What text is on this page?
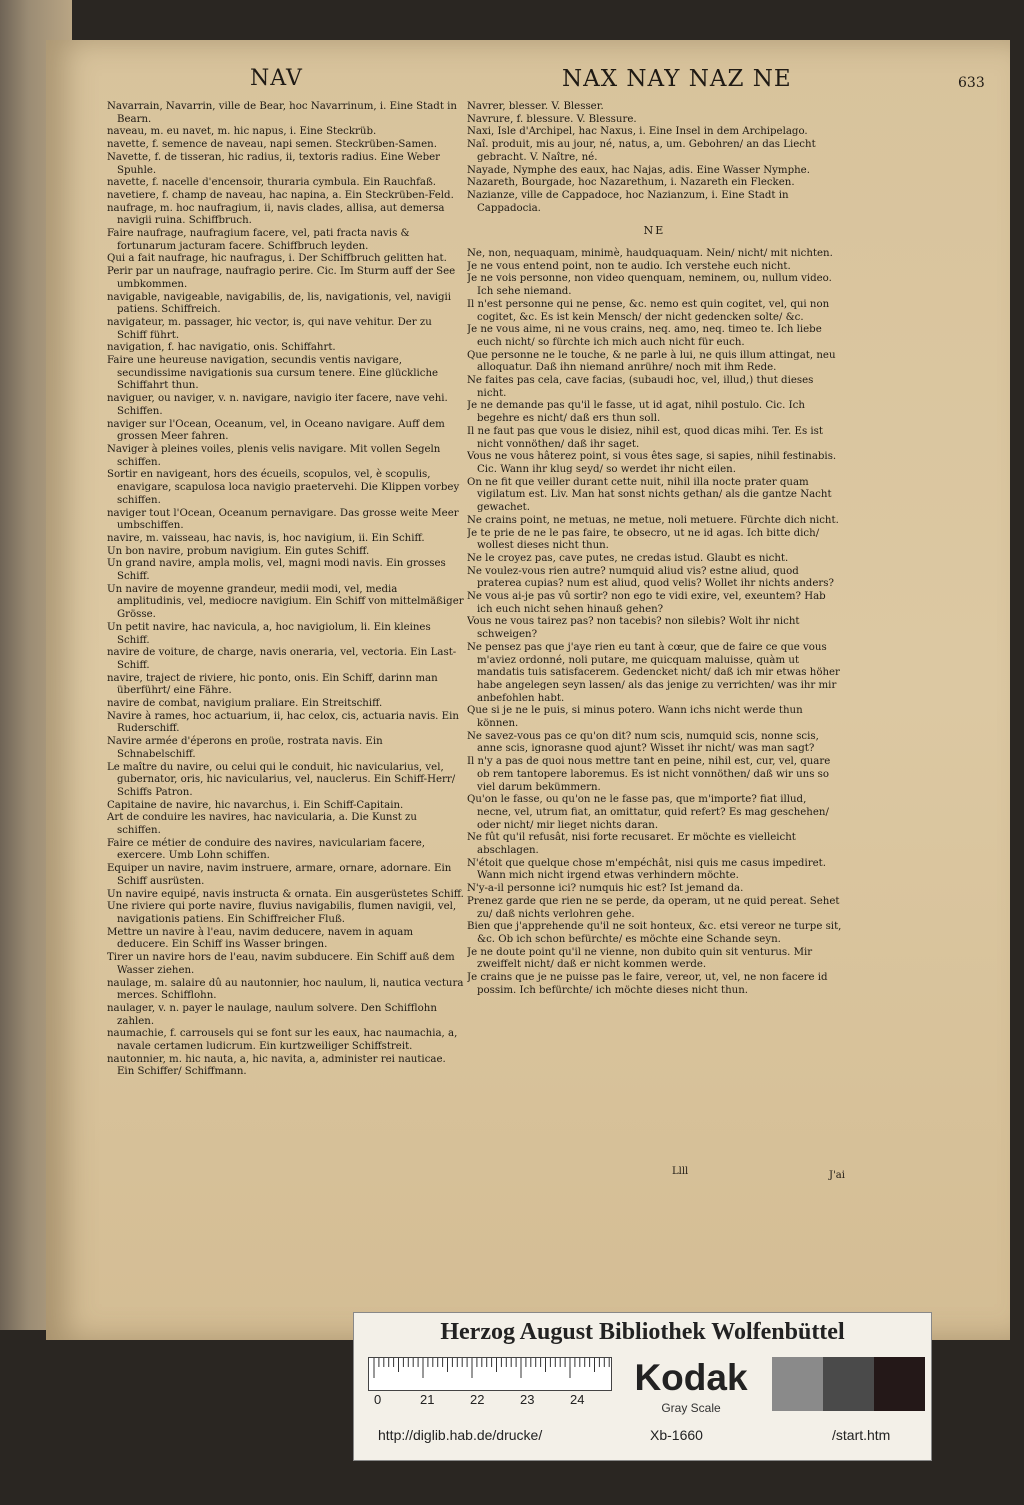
NAV	NAX NAY NAZ NE	633

Navarrain, Navarrin, ville de Bear, hoc Navarrinum, i. Eine Stadt in Bearn.

naveau, m. eu navet, m. hic napus, i. Eine Steckrüb.

navette, f. semence de naveau, napi semen. Steckrüben-Samen.

Navette, f. de tisseran, hic radius, ii, textoris radius. Eine Weber Spuhle.

navette, f. nacelle d'encensoir, thuraria cymbula. Ein Rauchfaß.

navetiere, f. champ de naveau, hac napina, a. Ein Steckrüben-Feld.

naufrage, m. hoc naufragium, ii, navis clades, allisa, aut demersa navigii ruina. Schiffbruch.

Faire naufrage, naufragium facere, vel, pati fracta navis & fortunarum jacturam facere. Schiffbruch leyden.

Qui a fait naufrage, hic naufragus, i. Der Schiffbruch gelitten hat.

Perir par un naufrage, naufragio perire. Cic. Im Sturm auff der See umbkommen.

navigable, navigeable, navigabilis, de, lis, navigationis, vel, navigii patiens. Schiffreich.

navigateur, m. passager, hic vector, is, qui nave vehitur. Der zu Schiff führt.

navigation, f. hac navigatio, onis. Schiffahrt.

Faire une heureuse navigation, secundis ventis navigare, secundissime navigationis sua cursum tenere. Eine glückliche Schiffahrt thun.

naviguer, ou naviger, v. n. navigare, navigio iter facere, nave vehi. Schiffen.

naviger sur l'Ocean, Oceanum, vel, in Oceano navigare. Auff dem grossen Meer fahren.

Naviger à pleines voiles, plenis velis navigare. Mit vollen Segeln schiffen.

Sortir en navigeant, hors des écueils, scopulos, vel, è scopulis, enavigare, scapulosa loca navigio praetervehi. Die Klippen vorbey schiffen.

naviger tout l'Ocean, Oceanum pernavigare. Das grosse weite Meer umbschiffen.

navire, m. vaisseau, hac navis, is, hoc navigium, ii. Ein Schiff.

Un bon navire, probum navigium. Ein gutes Schiff.

Un grand navire, ampla molis, vel, magni modi navis. Ein grosses Schiff.

Un navire de moyenne grandeur, medii modi, vel, media amplitudinis, vel, mediocre navigium. Ein Schiff von mittelmäßiger Grösse.

Un petit navire, hac navicula, a, hoc navigiolum, li. Ein kleines Schiff.

navire de voiture, de charge, navis oneraria, vel, vectoria. Ein Last-Schiff.

navire, traject de riviere, hic ponto, onis. Ein Schiff, darinn man überführt/ eine Fähre.

navire de combat, navigium praliare. Ein Streitschiff.

Navire à rames, hoc actuarium, ii, hac celox, cis, actuaria navis. Ein Ruderschiff.

Navire armée d'éperons en proüe, rostrata navis. Ein Schnabelschiff.

Le maître du navire, ou celui qui le conduit, hic navicularius, vel, gubernator, oris, hic navicularius, vel, nauclerus. Ein Schiff-Herr/ Schiffs Patron.

Capitaine de navire, hic navarchus, i. Ein Schiff-Capitain.

Art de conduire les navires, hac navicularia, a. Die Kunst zu schiffen.

Faire ce métier de conduire des navires, naviculariam facere, exercere. Umb Lohn schiffen.

Equiper un navire, navim instruere, armare, ornare, adornare. Ein Schiff ausrüsten.

Un navire equipé, navis instructa & ornata. Ein ausgerüstetes Schiff.

Une riviere qui porte navire, fluvius navigabilis, flumen navigii, vel, navigationis patiens. Ein Schiffreicher Fluß.

Mettre un navire à l'eau, navim deducere, navem in aquam deducere. Ein Schiff ins Wasser bringen.

Tirer un navire hors de l'eau, navim subducere. Ein Schiff auß dem Wasser ziehen.

naulage, m. salaire dû au nautonnier, hoc naulum, li, nautica vectura merces. Schifflohn.

naulager, v. n. payer le naulage, naulum solvere. Den Schifflohn zahlen.

naumachie, f. carrousels qui se font sur les eaux, hac naumachia, a, navale certamen ludicrum. Ein kurtzweiliger Schiffstreit.

nautonnier, m. hic nauta, a, hic navita, a, administer rei nauticae. Ein Schiffer/ Schiffmann.

Navrer, blesser. V. Blesser.

Navrure, f. blessure. V. Blessure.

Naxi, Isle d'Archipel, hac Naxus, i. Eine Insel in dem Archipelago.

Naî. produit, mis au jour, né, natus, a, um. Gebohren/ an das Liecht gebracht. V. Naître, né.

Nayade, Nymphe des eaux, hac Najas, adis. Eine Wasser Nymphe.

Nazareth, Bourgade, hoc Nazarethum, i. Nazareth ein Flecken.

Nazianze, ville de Cappadoce, hoc Nazianzum, i. Eine Stadt in Cappadocia.

NE

Ne, non, nequaquam, minimè, haudquaquam. Nein/ nicht/ mit nichten.

Je ne vous entend point, non te audio. Ich verstehe euch nicht.

Je ne vois personne, non video quenquam, neminem, ou, nullum video. Ich sehe niemand.

Il n'est personne qui ne pense, &c. nemo est quin cogitet, vel, qui non cogitet, &c. Es ist kein Mensch/ der nicht gedencken solte/ &c.

Je ne vous aime, ni ne vous crains, neq. amo, neq. timeo te. Ich liebe euch nicht/ so fürchte ich mich auch nicht für euch.

Que personne ne le touche, & ne parle à lui, ne quis illum attingat, neu alloquatur. Daß ihn niemand anrühre/ noch mit ihm Rede.

Ne faites pas cela, cave facias, (subaudi hoc, vel, illud,) thut dieses nicht.

Je ne demande pas qu'il le fasse, ut id agat, nihil postulo. Cic. Ich begehre es nicht/ daß ers thun soll.

Il ne faut pas que vous le disiez, nihil est, quod dicas mihi. Ter. Es ist nicht vonnöthen/ daß ihr saget.

Vous ne vous hâterez point, si vous êtes sage, si sapies, nihil festinabis. Cic. Wann ihr klug seyd/ so werdet ihr nicht eilen.

On ne fit que veiller durant cette nuit, nihil illa nocte prater quam vigilatum est. Liv. Man hat sonst nichts gethan/ als die gantze Nacht gewachet.

Ne crains point, ne metuas, ne metue, noli metuere. Fürchte dich nicht.

Je te prie de ne le pas faire, te obsecro, ut ne id agas. Ich bitte dich/ wollest dieses nicht thun.

Ne le croyez pas, cave putes, ne credas istud. Glaubt es nicht.

Ne voulez-vous rien autre? numquid aliud vis? estne aliud, quod praterea cupias? num est aliud, quod velis? Wollet ihr nichts anders?

Ne vous ai-je pas vû sortir? non ego te vidi exire, vel, exeuntem? Hab ich euch nicht sehen hinauß gehen?

Vous ne vous tairez pas? non tacebis? non silebis? Wolt ihr nicht schweigen?

Ne pensez pas que j'aye rien eu tant à cœur, que de faire ce que vous m'aviez ordonné, noli putare, me quicquam maluisse, quàm ut mandatis tuis satisfacerem. Gedencket nicht/ daß ich mir etwas höher habe angelegen seyn lassen/ als das jenige zu verrichten/ was ihr mir anbefohlen habt.

Que si je ne le puis, si minus potero. Wann ichs nicht werde thun können.

Ne savez-vous pas ce qu'on dit? num scis, numquid scis, nonne scis, anne scis, ignorasne quod ajunt? Wisset ihr nicht/ was man sagt?

Il n'y a pas de quoi nous mettre tant en peine, nihil est, cur, vel, quare ob rem tantopere laboremus. Es ist nicht vonnöthen/ daß wir uns so viel darum bekümmern.

Qu'on le fasse, ou qu'on ne le fasse pas, que m'importe? fiat illud, necne, vel, utrum fiat, an omittatur, quid refert? Es mag geschehen/ oder nicht/ mir lieget nichts daran.

Ne fût qu'il refusât, nisi forte recusaret. Er möchte es vielleicht abschlagen.

N'étoit que quelque chose m'empéchât, nisi quis me casus impediret. Wann mich nicht irgend etwas verhindern möchte.

N'y-a-il personne ici? numquis hic est? Ist jemand da.

Prenez garde que rien ne se perde, da operam, ut ne quid pereat. Sehet zu/ daß nichts verlohren gehe.

Bien que j'apprehende qu'il ne soit honteux, &c. etsi vereor ne turpe sit, &c. Ob ich schon befürchte/ es möchte eine Schande seyn.

Je ne doute point qu'il ne vienne, non dubito quin sit venturus. Mir zweiffelt nicht/ daß er nicht kommen werde.

Je crains que je ne puisse pas le faire, vereor, ut, vel, ne non facere id possim. Ich befürchte/ ich möchte dieses nicht thun.

Llll	J'ai
Herzog August Bibliothek Wolfenbüttel
0	21	22	23	24
Kodak
Gray Scale
http://diglib.hab.de/drucke/	Xb-1660	/start.htm
